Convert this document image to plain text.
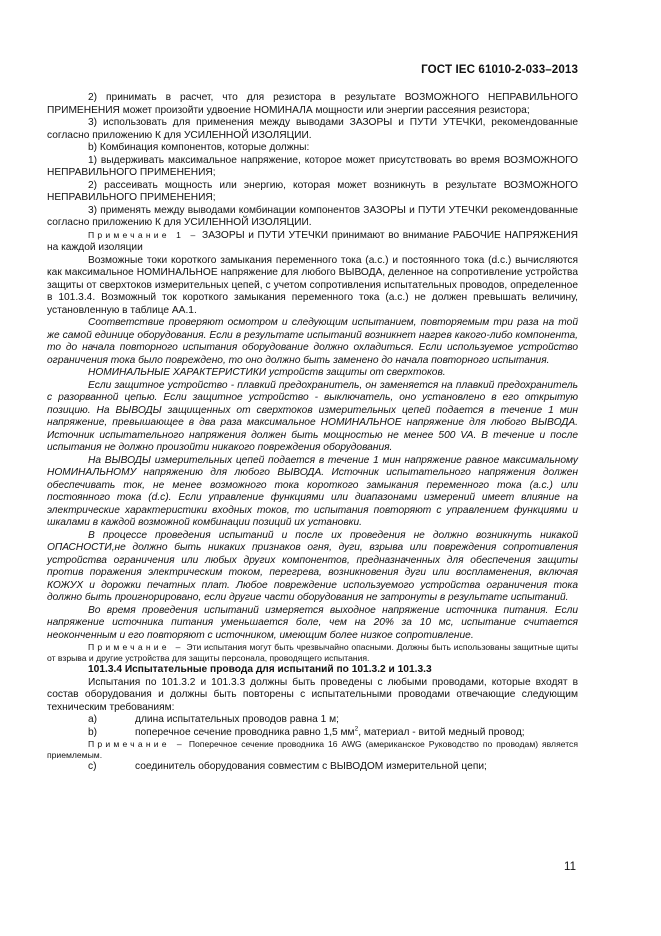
ГОСТ IEC 61010-2-033–2013

2) принимать в расчет, что для резистора в результате ВОЗМОЖНОГО НЕПРАВИЛЬНОГО ПРИМЕНЕНИЯ может произойти удвоение НОМИНАЛА мощности или энергии рассеяния резистора;

3) использовать для применения между выводами ЗАЗОРЫ и ПУТИ УТЕЧКИ, рекомендованные согласно приложению К для УСИЛЕННОЙ ИЗОЛЯЦИИ.

b) Комбинация компонентов, которые должны:

1) выдерживать максимальное напряжение, которое может присутствовать во время ВОЗМОЖНОГО НЕПРАВИЛЬНОГО ПРИМЕНЕНИЯ;

2) рассеивать мощность или энергию, которая может возникнуть в результате ВОЗМОЖНОГО НЕПРАВИЛЬНОГО ПРИМЕНЕНИЯ;

3) применять между выводами комбинации компонентов ЗАЗОРЫ и ПУТИ УТЕЧКИ рекомендованные согласно приложению К для УСИЛЕННОЙ ИЗОЛЯЦИИ.

Примечание 1 – ЗАЗОРЫ и ПУТИ УТЕЧКИ принимают во внимание РАБОЧИЕ НАПРЯЖЕНИЯ на каждой изоляции

Возможные токи короткого замыкания переменного тока (a.c.) и постоянного тока (d.c.) вычисляются как максимальное НОМИНАЛЬНОЕ напряжение для любого ВЫВОДА, деленное на сопротивление устройства защиты от сверхтоков измерительных цепей, с учетом сопротивления испытательных проводов, определенное в 101.3.4. Возможный ток короткого замыкания переменного тока (a.c.) не должен превышать величину, установленную в таблице АА.1.

Соответствие проверяют осмотром и следующим испытанием, повторяемым три раза на той же самой единице оборудования. Если в результате испытаний возникнет нагрев какого-либо компонента, то до начала повторного испытания оборудование должно охладиться. Если используемое устройство ограничения тока было повреждено, то оно должно быть заменено до начала повторного испытания.

НОМИНАЛЬНЫЕ ХАРАКТЕРИСТИКИ устройств защиты от сверхтоков.

Если защитное устройство - плавкий предохранитель, он заменяется на плавкий предохранитель с разорванной цепью. Если защитное устройство - выключатель, оно установлено в его открытую позицию. На ВЫВОДЫ защищенных от сверхтоков измерительных цепей подается в течение 1 мин напряжение, превышающее в два раза максимальное НОМИНАЛЬНОЕ напряжение для любого ВЫВОДА. Источник испытательного напряжения должен быть мощностью не менее 500 VA. В течение и после испытания не должно произойти никакого повреждения оборудования.

На ВЫВОДЫ измерительных цепей подается в течение 1 мин напряжение равное максимальному НОМИНАЛЬНОМУ напряжению для любого ВЫВОДА. Источник испытательного напряжения должен обеспечивать ток, не менее возможного тока короткого замыкания переменного тока (a.c.) или постоянного тока (d.c). Если управление функциями или диапазонами измерений имеет влияние на электрические характеристики входных токов, то испытания повторяют с управлением функциями и шкалами в каждой возможной комбинации позиций их установки.

В процессе проведения испытаний и после их проведения не должно возникнуть никакой ОПАСНОСТИ,не должно быть никаких признаков огня, дуги, взрыва или повреждения сопротивления устройства ограничения или любых других компонентов, предназначенных для обеспечения защиты против поражения электрическим током, перегрева, возникновения дуги или воспламенения, включая КОЖУХ и дорожки печатных плат. Любое повреждение используемого устройства ограничения тока должно быть проигнорировано, если другие части оборудования не затронуты в результате испытаний.

Во время проведения испытаний измеряется выходное напряжение источника питания. Если напряжение источника питания уменьшается боле, чем на 20% за 10 мс, испытание считается неоконченным и его повторяют с источником, имеющим более низкое сопротивление.

Примечание – Эти испытания могут быть чрезвычайно опасными. Должны быть использованы защитные щиты от взрыва и другие устройства для защиты персонала, проводящего испытания.

101.3.4 Испытательные провода для испытаний по 101.3.2 и 101.3.3

Испытания по 101.3.2 и 101.3.3 должны быть проведены с любыми проводами, которые входят в состав оборудования и должны быть повторены с испытательными проводами отвечающие следующим техническим требованиям:

a)	длина испытательных проводов равна 1 м;
b)	поперечное сечение проводника равно 1,5 $мм^2$, материал - витой медный провод;

Примечание – Поперечное сечение проводника 16 AWG (американское Руководство по проводам) является приемлемым.

c)	соединитель оборудования совместим с ВЫВОДОМ измерительной цепи;
11
